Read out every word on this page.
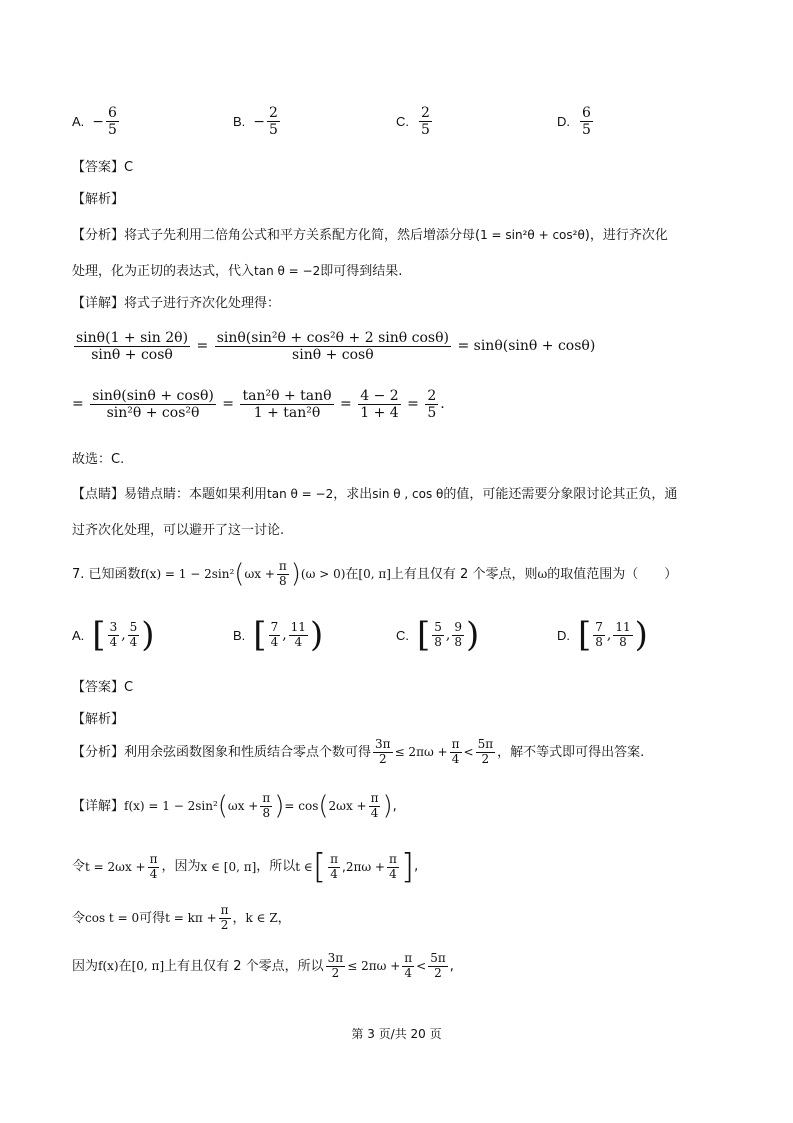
A. − $\frac{6}{5}$	B. − $\frac{2}{5}$	C. $\frac{2}{5}$	D. $\frac{6}{5}$
【答案】C
【解析】
【分析】将式子先利用二倍角公式和平方关系配方化简，然后增添分母(1 = sin²θ + cos²θ)，进行齐次化
处理，化为正切的表达式，代入tan θ = −2即可得到结果.
【详解】将式子进行齐次化处理得：
$\frac{\sin\theta(1 + \sin 2\theta)}{\sin\theta + \cos\theta} = \frac{\text{sinθ(sin²θ + cos²θ + 2 sinθ cosθ)}}{\sin\theta + \cos\theta}$
= sinθ(sinθ + cosθ)
= $\frac{\sin\theta(\sin\theta + \cos\theta)}{\text{sin²θ + cos²θ}} = \frac{\text{tan²θ + tanθ}}{\text{1 + tan²θ}} = \frac{4 - 2}{1 + 4} = \frac{2}{5}$ .
故选：C.
【点睛】易错点睛：本题如果利用tan θ = −2，求出sin θ , cos θ的值，可能还需要分象限讨论其正负，通
过齐次化处理，可以避开了这一讨论.
7. 已知函数 f(x) = 1 − 2sin² ( $\omega x + \frac{\pi}{8}$ ) (ω > 0) 在 [0, π] 上有且仅有 2 个零点，则 ω 的取值范围为（　　）
A. [ $\frac{3}{4}$ , $\frac{5}{4}$ )	B. [ $\frac{7}{4}$ , $\frac{11}{4}$ )	C. [ $\frac{5}{8}$ , $\frac{9}{8}$ )	D. [ $\frac{7}{8}$ , $\frac{11}{8}$ )
【答案】C
【解析】
【分析】 利用余弦函数图象和性质结合零点个数可得 $\frac{3\pi}{2} \le 2\pi\omega + \frac{\pi}{4} < \frac{5\pi}{2}$ ，解不等式即可得出答案.
【详解】 f(x) = 1 − 2sin² ( $\omega x + \frac{\pi}{8}$ ) = cos ( $2\omega x + \frac{\pi}{4}$ ) ,
令 $t = 2\omega x + \frac{\pi}{4}$ ，因为 x ∈ [0, π] ，所以 t ∈ [ $\frac{\pi}{4}$ , $2\pi\omega + \frac{\pi}{4}$ ] ,
令 cos t = 0 可得 $t = k\pi + \frac{\pi}{2}$ ， k ∈ Z ，
因为 f(x) 在 [0, π] 上有且仅有 2 个零点，所以 $\frac{3\pi}{2} \le 2\pi\omega + \frac{\pi}{4} < \frac{5\pi}{2}$ ,
第 3 页/共 20 页
